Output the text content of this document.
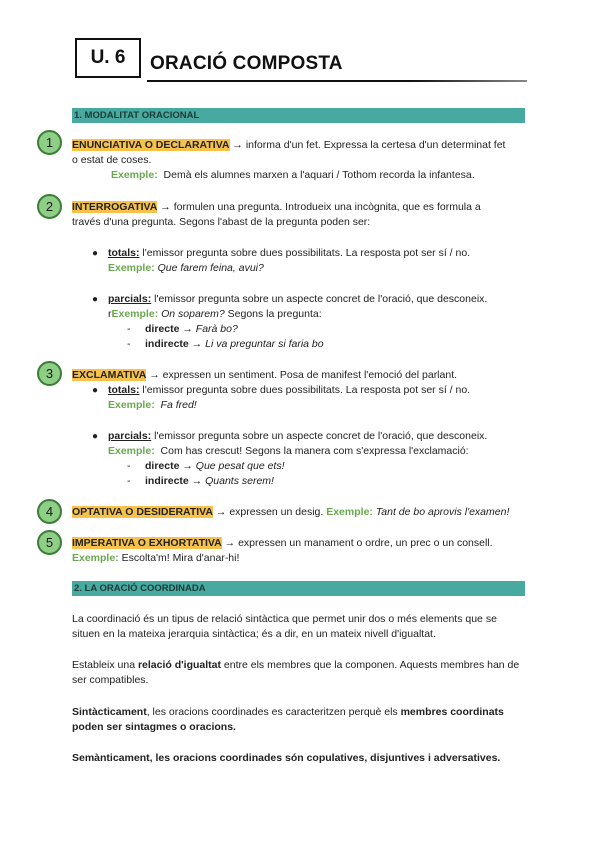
U. 6	ORACIÓ COMPOSTA
1. MODALITAT ORACIONAL
1	ENUNCIATIVA O DECLARATIVA → informa d'un fet. Expressa la certesa d'un determinat fet
o estat de coses.
Exemple: Demà els alumnes marxen a l'aquari / Tothom recorda la infantesa.
2	INTERROGATIVA → formulen una pregunta. Introdueix una incògnita, que es formula a
través d'una pregunta. Segons l'abast de la pregunta poden ser:
● totals: l'emissor pregunta sobre dues possibilitats. La resposta pot ser sí / no.
Exemple: Que farem feina, avui?
● parcials: l'emissor pregunta sobre un aspecte concret de l'oració, que desconeix.
rExemple: On soparem? Segons la pregunta:
- directe → Farà bo?
- indirecte → Li va preguntar si faria bo
3	EXCLAMATIVA → expressen un sentiment. Posa de manifest l'emoció del parlant.
● totals: l'emissor pregunta sobre dues possibilitats. La resposta pot ser sí / no.
Exemple: Fa fred!
● parcials: l'emissor pregunta sobre un aspecte concret de l'oració, que desconeix.
Exemple: Com has crescut! Segons la manera com s'expressa l'exclamació:
- directe → Que pesat que ets!
- indirecte → Quants serem!
4	OPTATIVA O DESIDERATIVA → expressen un desig. Exemple: Tant de bo aprovis l'examen!
5	IMPERATIVA O EXHORTATIVA → expressen un manament o ordre, un prec o un consell.
Exemple: Escolta'm! Mira d'anar-hi!
2. LA ORACIÓ COORDINADA
La coordinació és un tipus de relació sintàctica que permet unir dos o més elements que se situen en la mateixa jerarquia sintàctica; és a dir, en un mateix nivell d'igualtat.
Estableix una relació d'igualtat entre els membres que la componen. Aquests membres han de ser compatibles.
Sintàcticament, les oracions coordinades es caracteritzen perquè els membres coordinats poden ser sintagmes o oracions.
Semànticament, les oracions coordinades són copulatives, disjuntives i adversatives.
